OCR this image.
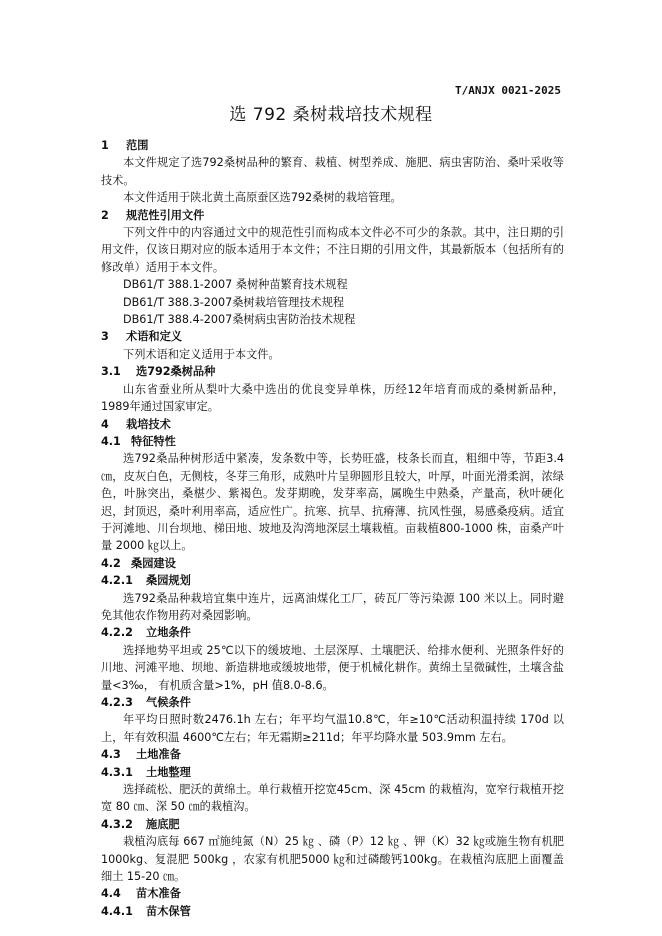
T/ANJX 0021-2025
选 792 桑树栽培技术规程
1 范围

本文件规定了选792桑树品种的繁育、栽植、树型养成、施肥、病虫害防治、桑叶采收等技术。

本文件适用于陕北黄土高原蚕区选792桑树的栽培管理。

2 规范性引用文件

下列文件中的内容通过文中的规范性引而构成本文件必不可少的条款。其中，注日期的引用文件，仅该日期对应的版本适用于本文件；不注日期的引用文件，其最新版本（包括所有的修改单）适用于本文件。

DB61/T 388.1-2007 桑树种苗繁育技术规程

DB61/T 388.3-2007桑树栽培管理技术规程

DB61/T 388.4-2007桑树病虫害防治技术规程

3 术语和定义

下列术语和定义适用于本文件。

3.1 选792桑树品种

山东省蚕业所从梨叶大桑中选出的优良变异单株，历经12年培育而成的桑树新品种，1989年通过国家审定。

4 栽培技术
4.1 特征特性

选792桑品种树形适中紧凑，发条数中等，长势旺盛，枝条长而直，粗细中等，节距3.4㎝，皮灰白色，无侧枝，冬芽三角形，成熟叶片呈卵圆形且较大，叶厚，叶面光滑柔润，浓绿色，叶脉突出，桑椹少、紫褐色。发芽期晚，发芽率高，属晚生中熟桑，产量高，秋叶硬化迟，封顶迟，桑叶利用率高，适应性广。抗寒、抗旱、抗瘠薄、抗风性强，易感桑疫病。适宜于河滩地、川台坝地、梯田地、坡地及沟湾地深层土壤栽植。亩栽植800-1000 株，亩桑产叶量 2000 ㎏以上。

4.2 桑园建设
4.2.1 桑园规划

选792桑品种栽培宜集中连片，远离油煤化工厂，砖瓦厂等污染源 100 米以上。同时避免其他农作物用药对桑园影响。

4.2.2 立地条件

选择地势平坦或 25℃以下的缓坡地、土层深厚、土壤肥沃、给排水便利、光照条件好的川地、河滩平地、坝地、新造耕地或缓坡地带，便于机械化耕作。黄绵土呈微碱性，土壤含盐量<3‰， 有机质含量>1%，pH 值8.0-8.6。

4.2.3 气候条件

年平均日照时数2476.1h 左右；年平均气温10.8℃，年≥10℃活动积温持续 170d 以上，年有效积温 4600℃左右；年无霜期≥211d；年平均降水量 503.9mm 左右。

4.3 土地准备
4.3.1 土地整理

选择疏松、肥沃的黄绵土。单行栽植开挖宽45cm、深 45cm 的栽植沟，宽窄行栽植开挖宽 80 ㎝、深 50 ㎝的栽植沟。

4.3.2 施底肥

栽植沟底每 667 ㎡施纯氮（N）25 ㎏ 、磷（P）12 ㎏ 、钾（K）32 ㎏或施生物有机肥 1000kg、复混肥 500kg ，农家有机肥5000 ㎏和过磷酸钙100kg。在栽植沟底肥上面覆盖细土 15-20 ㎝。

4.4 苗木准备
4.4.1 苗木保管
